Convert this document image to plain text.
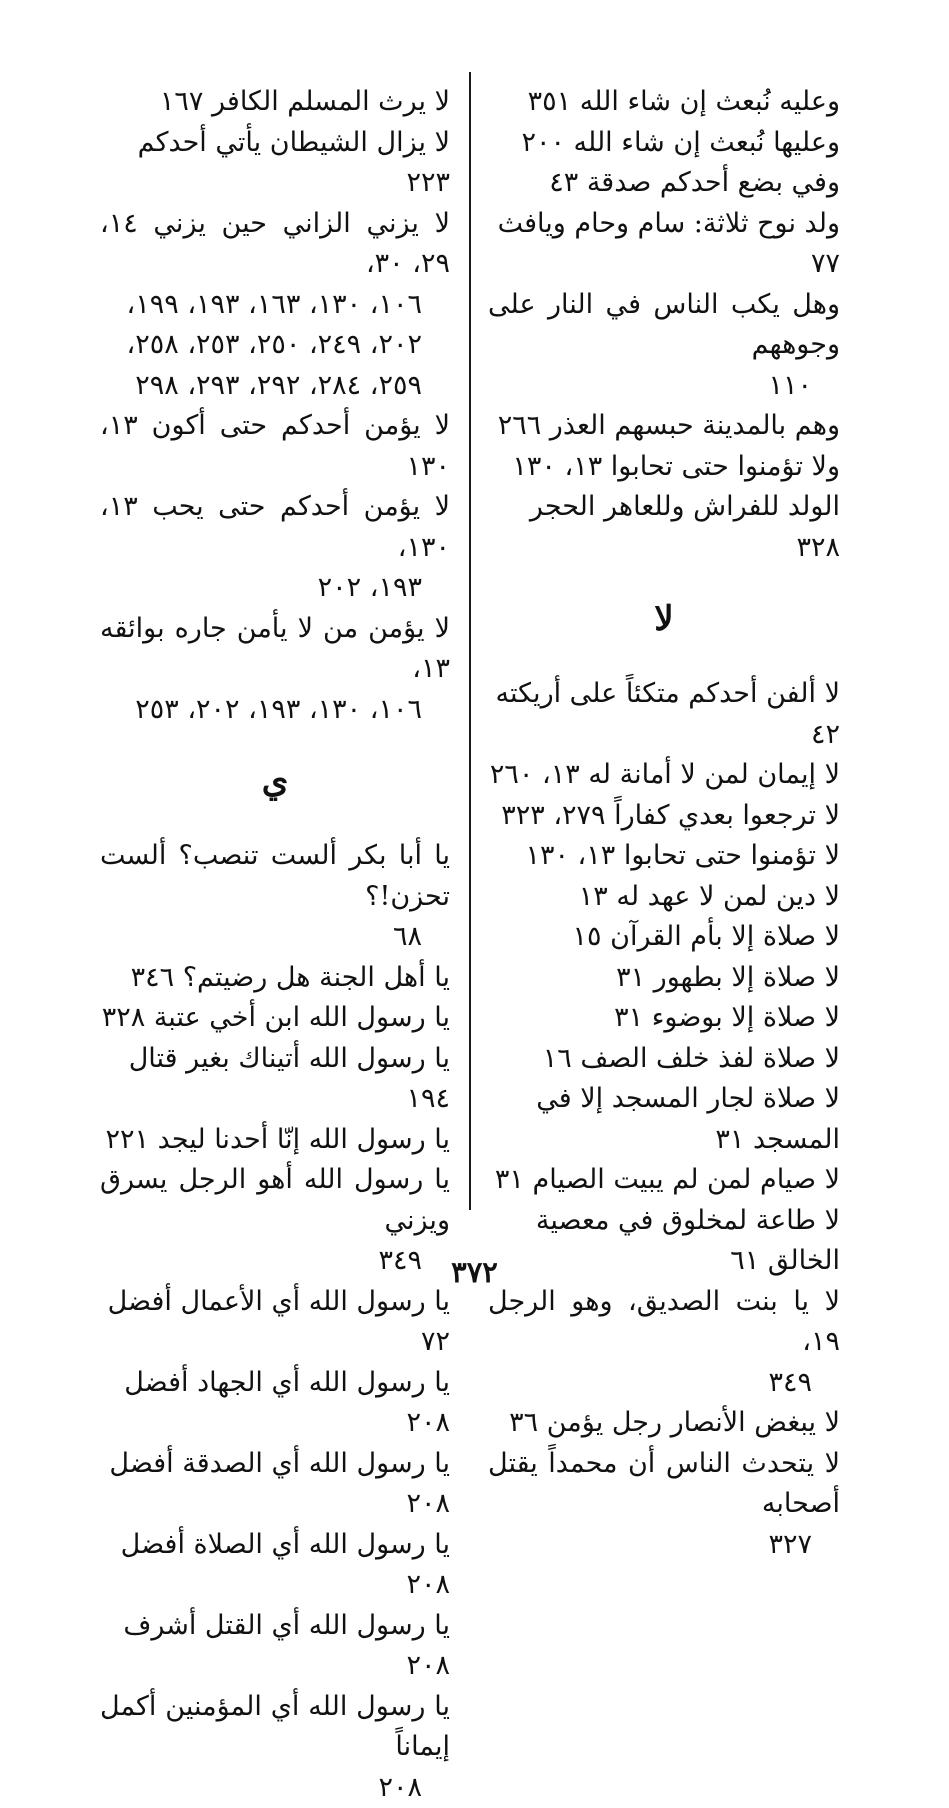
وعليه نُبعث إن شاء الله ٣٥١
وعليها نُبعث إن شاء الله ٢٠٠
وفي بضع أحدكم صدقة ٤٣
ولد نوح ثلاثة: سام وحام ويافث ٧٧
وهل يكب الناس في النار على وجوههم
١١٠
وهم بالمدينة حبسهم العذر ٢٦٦
ولا تؤمنوا حتى تحابوا ١٣، ١٣٠
الولد للفراش وللعاهر الحجر ٣٢٨
لا
لا ألفن أحدكم متكئاً على أريكته ٤٢
لا إيمان لمن لا أمانة له ١٣، ٢٦٠
لا ترجعوا بعدي كفاراً ٢٧٩، ٣٢٣
لا تؤمنوا حتى تحابوا ١٣، ١٣٠
لا دين لمن لا عهد له ١٣
لا صلاة إلا بأم القرآن ١٥
لا صلاة إلا بطهور ٣١
لا صلاة إلا بوضوء ٣١
لا صلاة لفذ خلف الصف ١٦
لا صلاة لجار المسجد إلا في المسجد ٣١
لا صيام لمن لم يبيت الصيام ٣١
لا طاعة لمخلوق في معصية الخالق ٦١
لا يا بنت الصديق، وهو الرجل ١٩،
٣٤٩
لا يبغض الأنصار رجل يؤمن ٣٦
لا يتحدث الناس أن محمداً يقتل أصحابه
٣٢٧
لا يرث المسلم الكافر ١٦٧
لا يزال الشيطان يأتي أحدكم ٢٢٣
لا يزني الزاني حين يزني ١٤، ٢٩، ٣٠،
١٠٦، ١٣٠، ١٦٣، ١٩٣، ١٩٩،
٢٠٢، ٢٤٩، ٢٥٠، ٢٥٣، ٢٥٨،
٢٥٩، ٢٨٤، ٢٩٢، ٢٩٣، ٢٩٨
لا يؤمن أحدكم حتى أكون ١٣، ١٣٠
لا يؤمن أحدكم حتى يحب ١٣، ١٣٠،
١٩٣، ٢٠٢
لا يؤمن من لا يأمن جاره بوائقه ١٣،
١٠٦، ١٣٠، ١٩٣، ٢٠٢، ٢٥٣
ي
يا أبا بكر ألست تنصب؟ ألست تحزن!؟
٦٨
يا أهل الجنة هل رضيتم؟ ٣٤٦
يا رسول الله ابن أخي عتبة ٣٢٨
يا رسول الله أتيناك بغير قتال ١٩٤
يا رسول الله إنّا أحدنا ليجد ٢٢١
يا رسول الله أهو الرجل يسرق ويزني
٣٤٩
يا رسول الله أي الأعمال أفضل ٧٢
يا رسول الله أي الجهاد أفضل ٢٠٨
يا رسول الله أي الصدقة أفضل ٢٠٨
يا رسول الله أي الصلاة أفضل ٢٠٨
يا رسول الله أي القتل أشرف ٢٠٨
يا رسول الله أي المؤمنين أكمل إيماناً
٢٠٨
٣٧٢
